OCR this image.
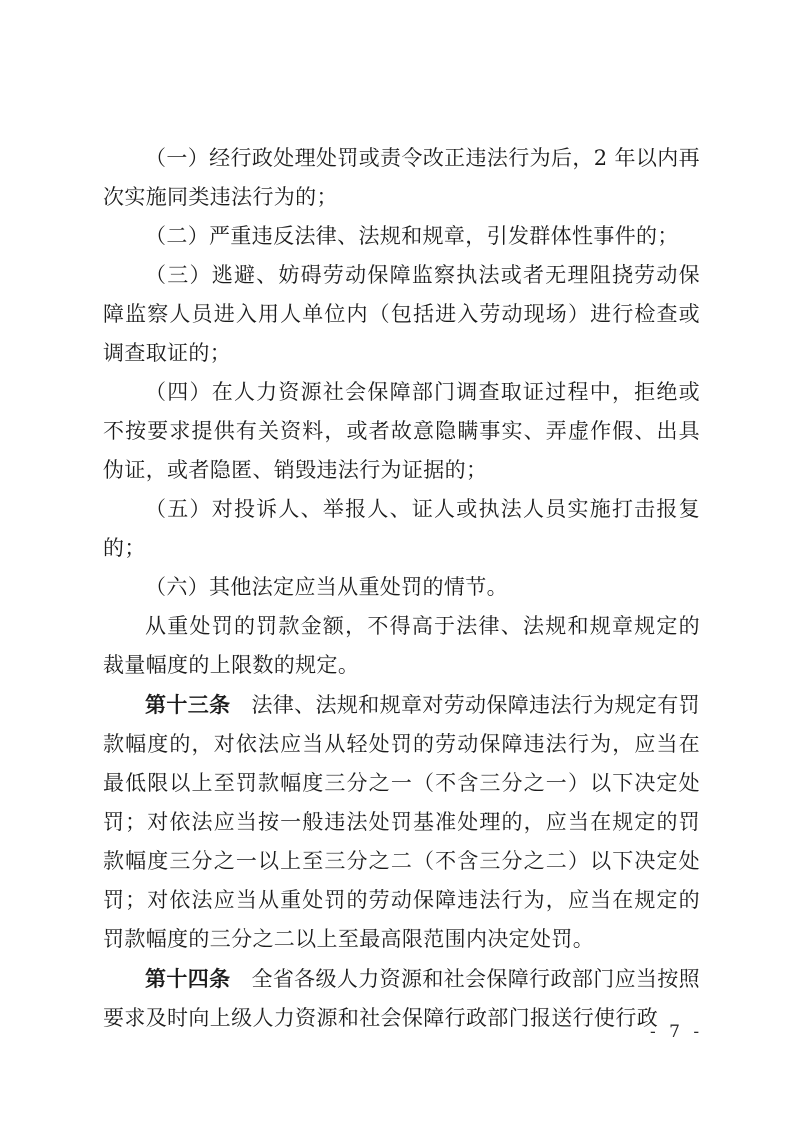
（一）经行政处理处罚或责令改正违法行为后，2 年以内再次实施同类违法行为的；

（二）严重违反法律、法规和规章，引发群体性事件的；

（三）逃避、妨碍劳动保障监察执法或者无理阻挠劳动保障监察人员进入用人单位内（包括进入劳动现场）进行检查或调查取证的；

（四）在人力资源社会保障部门调查取证过程中，拒绝或不按要求提供有关资料，或者故意隐瞒事实、弄虚作假、出具伪证，或者隐匿、销毁违法行为证据的；

（五）对投诉人、举报人、证人或执法人员实施打击报复的；

（六）其他法定应当从重处罚的情节。

从重处罚的罚款金额，不得高于法律、法规和规章规定的裁量幅度的上限数的规定。

第十三条 法律、法规和规章对劳动保障违法行为规定有罚款幅度的，对依法应当从轻处罚的劳动保障违法行为，应当在最低限以上至罚款幅度三分之一（不含三分之一）以下决定处罚；对依法应当按一般违法处罚基准处理的，应当在规定的罚款幅度三分之一以上至三分之二（不含三分之二）以下决定处罚；对依法应当从重处罚的劳动保障违法行为，应当在规定的罚款幅度的三分之二以上至最高限范围内决定处罚。

第十四条 全省各级人力资源和社会保障行政部门应当按照要求及时向上级人力资源和社会保障行政部门报送行使行政

- 7 -
